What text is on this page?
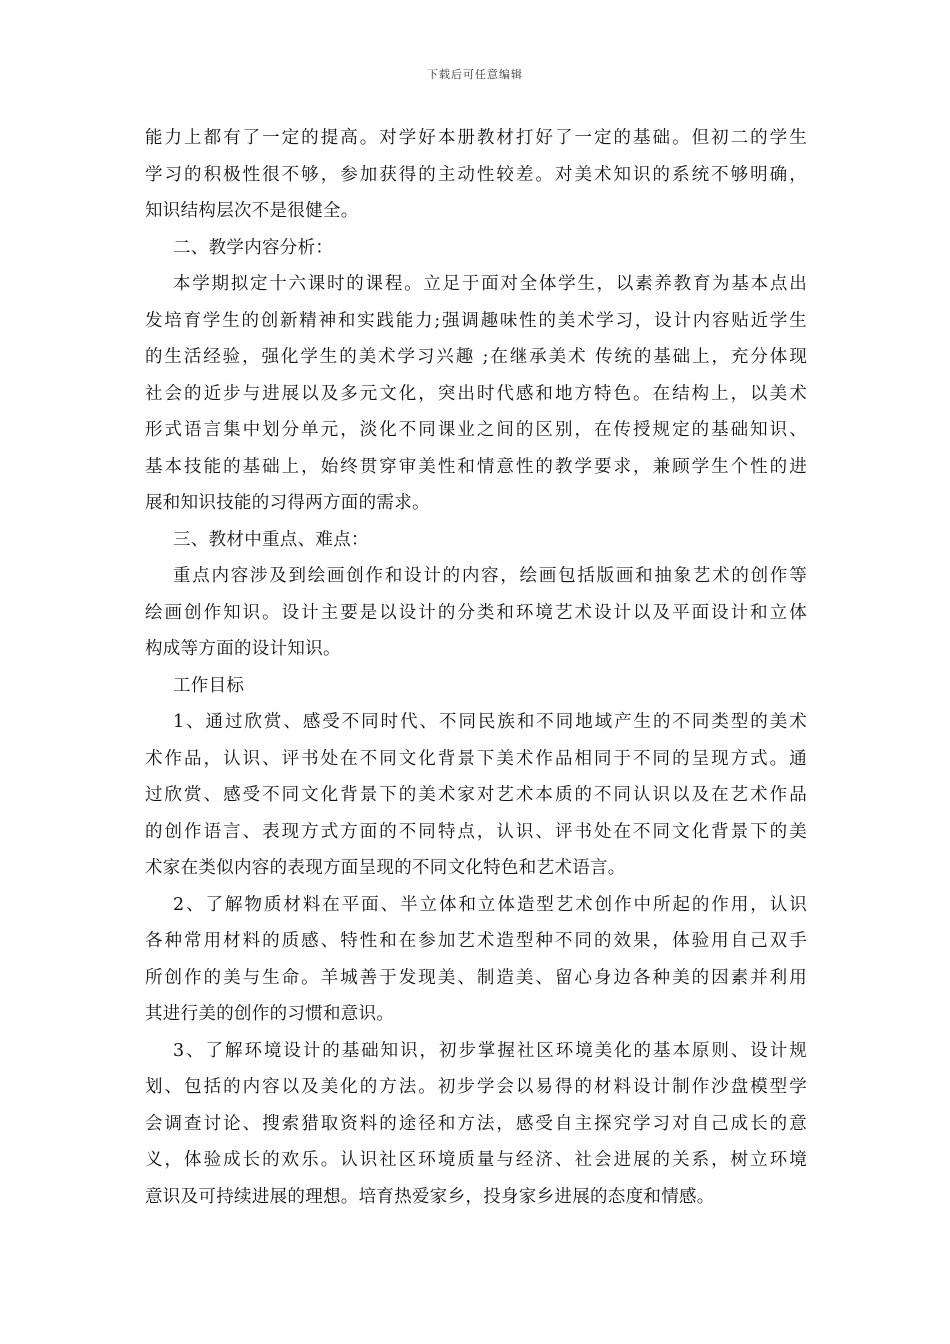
下载后可任意编辑
能力上都有了一定的提高。对学好本册教材打好了一定的基础。但初二的学生
学习的积极性很不够，参加获得的主动性较差。对美术知识的系统不够明确，
知识结构层次不是很健全。
二、教学内容分析：
本学期拟定十六课时的课程。立足于面对全体学生，以素养教育为基本点出
发培育学生的创新精神和实践能力;强调趣味性的美术学习，设计内容贴近学生
的生活经验，强化学生的美术学习兴趣 ;在继承美术 传统的基础上，充分体现
社会的近步与进展以及多元文化，突出时代感和地方特色。在结构上，以美术
形式语言集中划分单元，淡化不同课业之间的区别，在传授规定的基础知识、
基本技能的基础上，始终贯穿审美性和情意性的教学要求，兼顾学生个性的进
展和知识技能的习得两方面的需求。
三、教材中重点、难点：
重点内容涉及到绘画创作和设计的内容，绘画包括版画和抽象艺术的创作等
绘画创作知识。设计主要是以设计的分类和环境艺术设计以及平面设计和立体
构成等方面的设计知识。
工作目标
1、通过欣赏、感受不同时代、不同民族和不同地域产生的不同类型的美术
术作品，认识、评书处在不同文化背景下美术作品相同于不同的呈现方式。通
过欣赏、感受不同文化背景下的美术家对艺术本质的不同认识以及在艺术作品
的创作语言、表现方式方面的不同特点，认识、评书处在不同文化背景下的美
术家在类似内容的表现方面呈现的不同文化特色和艺术语言。
2、了解物质材料在平面、半立体和立体造型艺术创作中所起的作用，认识
各种常用材料的质感、特性和在参加艺术造型种不同的效果，体验用自己双手
所创作的美与生命。羊城善于发现美、制造美、留心身边各种美的因素并利用
其进行美的创作的习惯和意识。
3、了解环境设计的基础知识，初步掌握社区环境美化的基本原则、设计规
划、包括的内容以及美化的方法。初步学会以易得的材料设计制作沙盘模型学
会调查讨论、搜索猎取资料的途径和方法，感受自主探究学习对自己成长的意
义，体验成长的欢乐。认识社区环境质量与经济、社会进展的关系，树立环境
意识及可持续进展的理想。培育热爱家乡，投身家乡进展的态度和情感。
